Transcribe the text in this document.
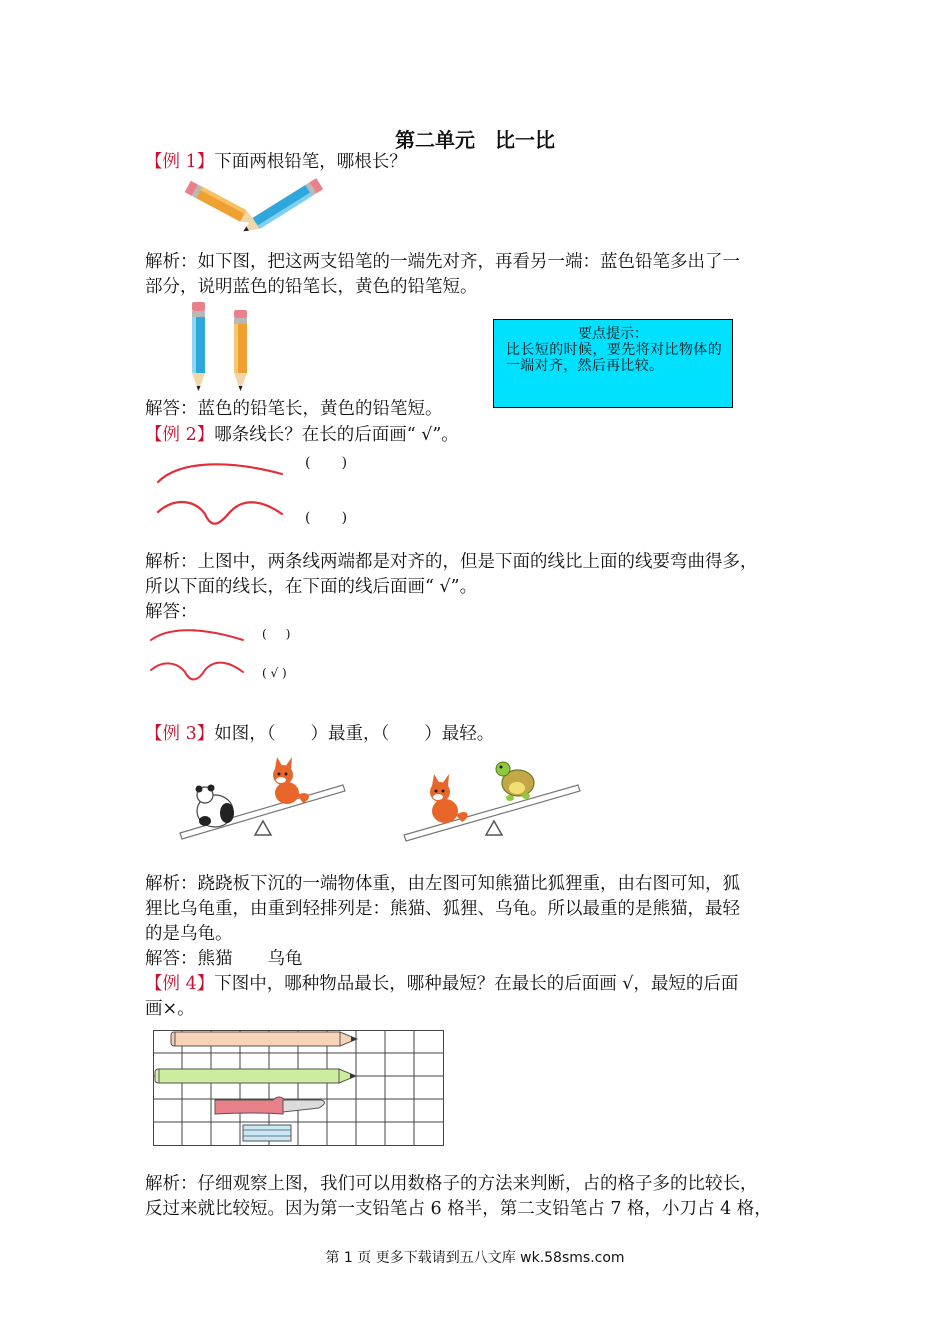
第二单元　比一比
【例 1】下面两根铅笔，哪根长？
解析：如下图，把这两支铅笔的一端先对齐，再看另一端：蓝色铅笔多出了一
部分，说明蓝色的铅笔长，黄色的铅笔短。
要点提示：
比长短的时候，要先将对比物体的一端对齐，然后再比较。
解答：蓝色的铅笔长，黄色的铅笔短。
【例 2】哪条线长？在长的后面画“ √”。
(       )
(       )
解析：上图中，两条线两端都是对齐的，但是下面的线比上面的线要弯曲得多，
所以下面的线长，在下面的线后面画“ √”。
解答：
(     )
( √ )
【例 3】如图，（　　）最重，（　　）最轻。
解析：跷跷板下沉的一端物体重，由左图可知熊猫比狐狸重，由右图可知，狐
狸比乌龟重，由重到轻排列是：熊猫、狐狸、乌龟。所以最重的是熊猫，最轻
的是乌龟。
解答：熊猫　　乌龟
【例 4】下图中，哪种物品最长，哪种最短？在最长的后面画 √，最短的后面
画×。
解析：仔细观察上图，我们可以用数格子的方法来判断，占的格子多的比较长，
反过来就比较短。因为第一支铅笔占 6 格半，第二支铅笔占 7 格，小刀占 4 格，
第 1 页 更多下载请到五八文库 wk.58sms.com
